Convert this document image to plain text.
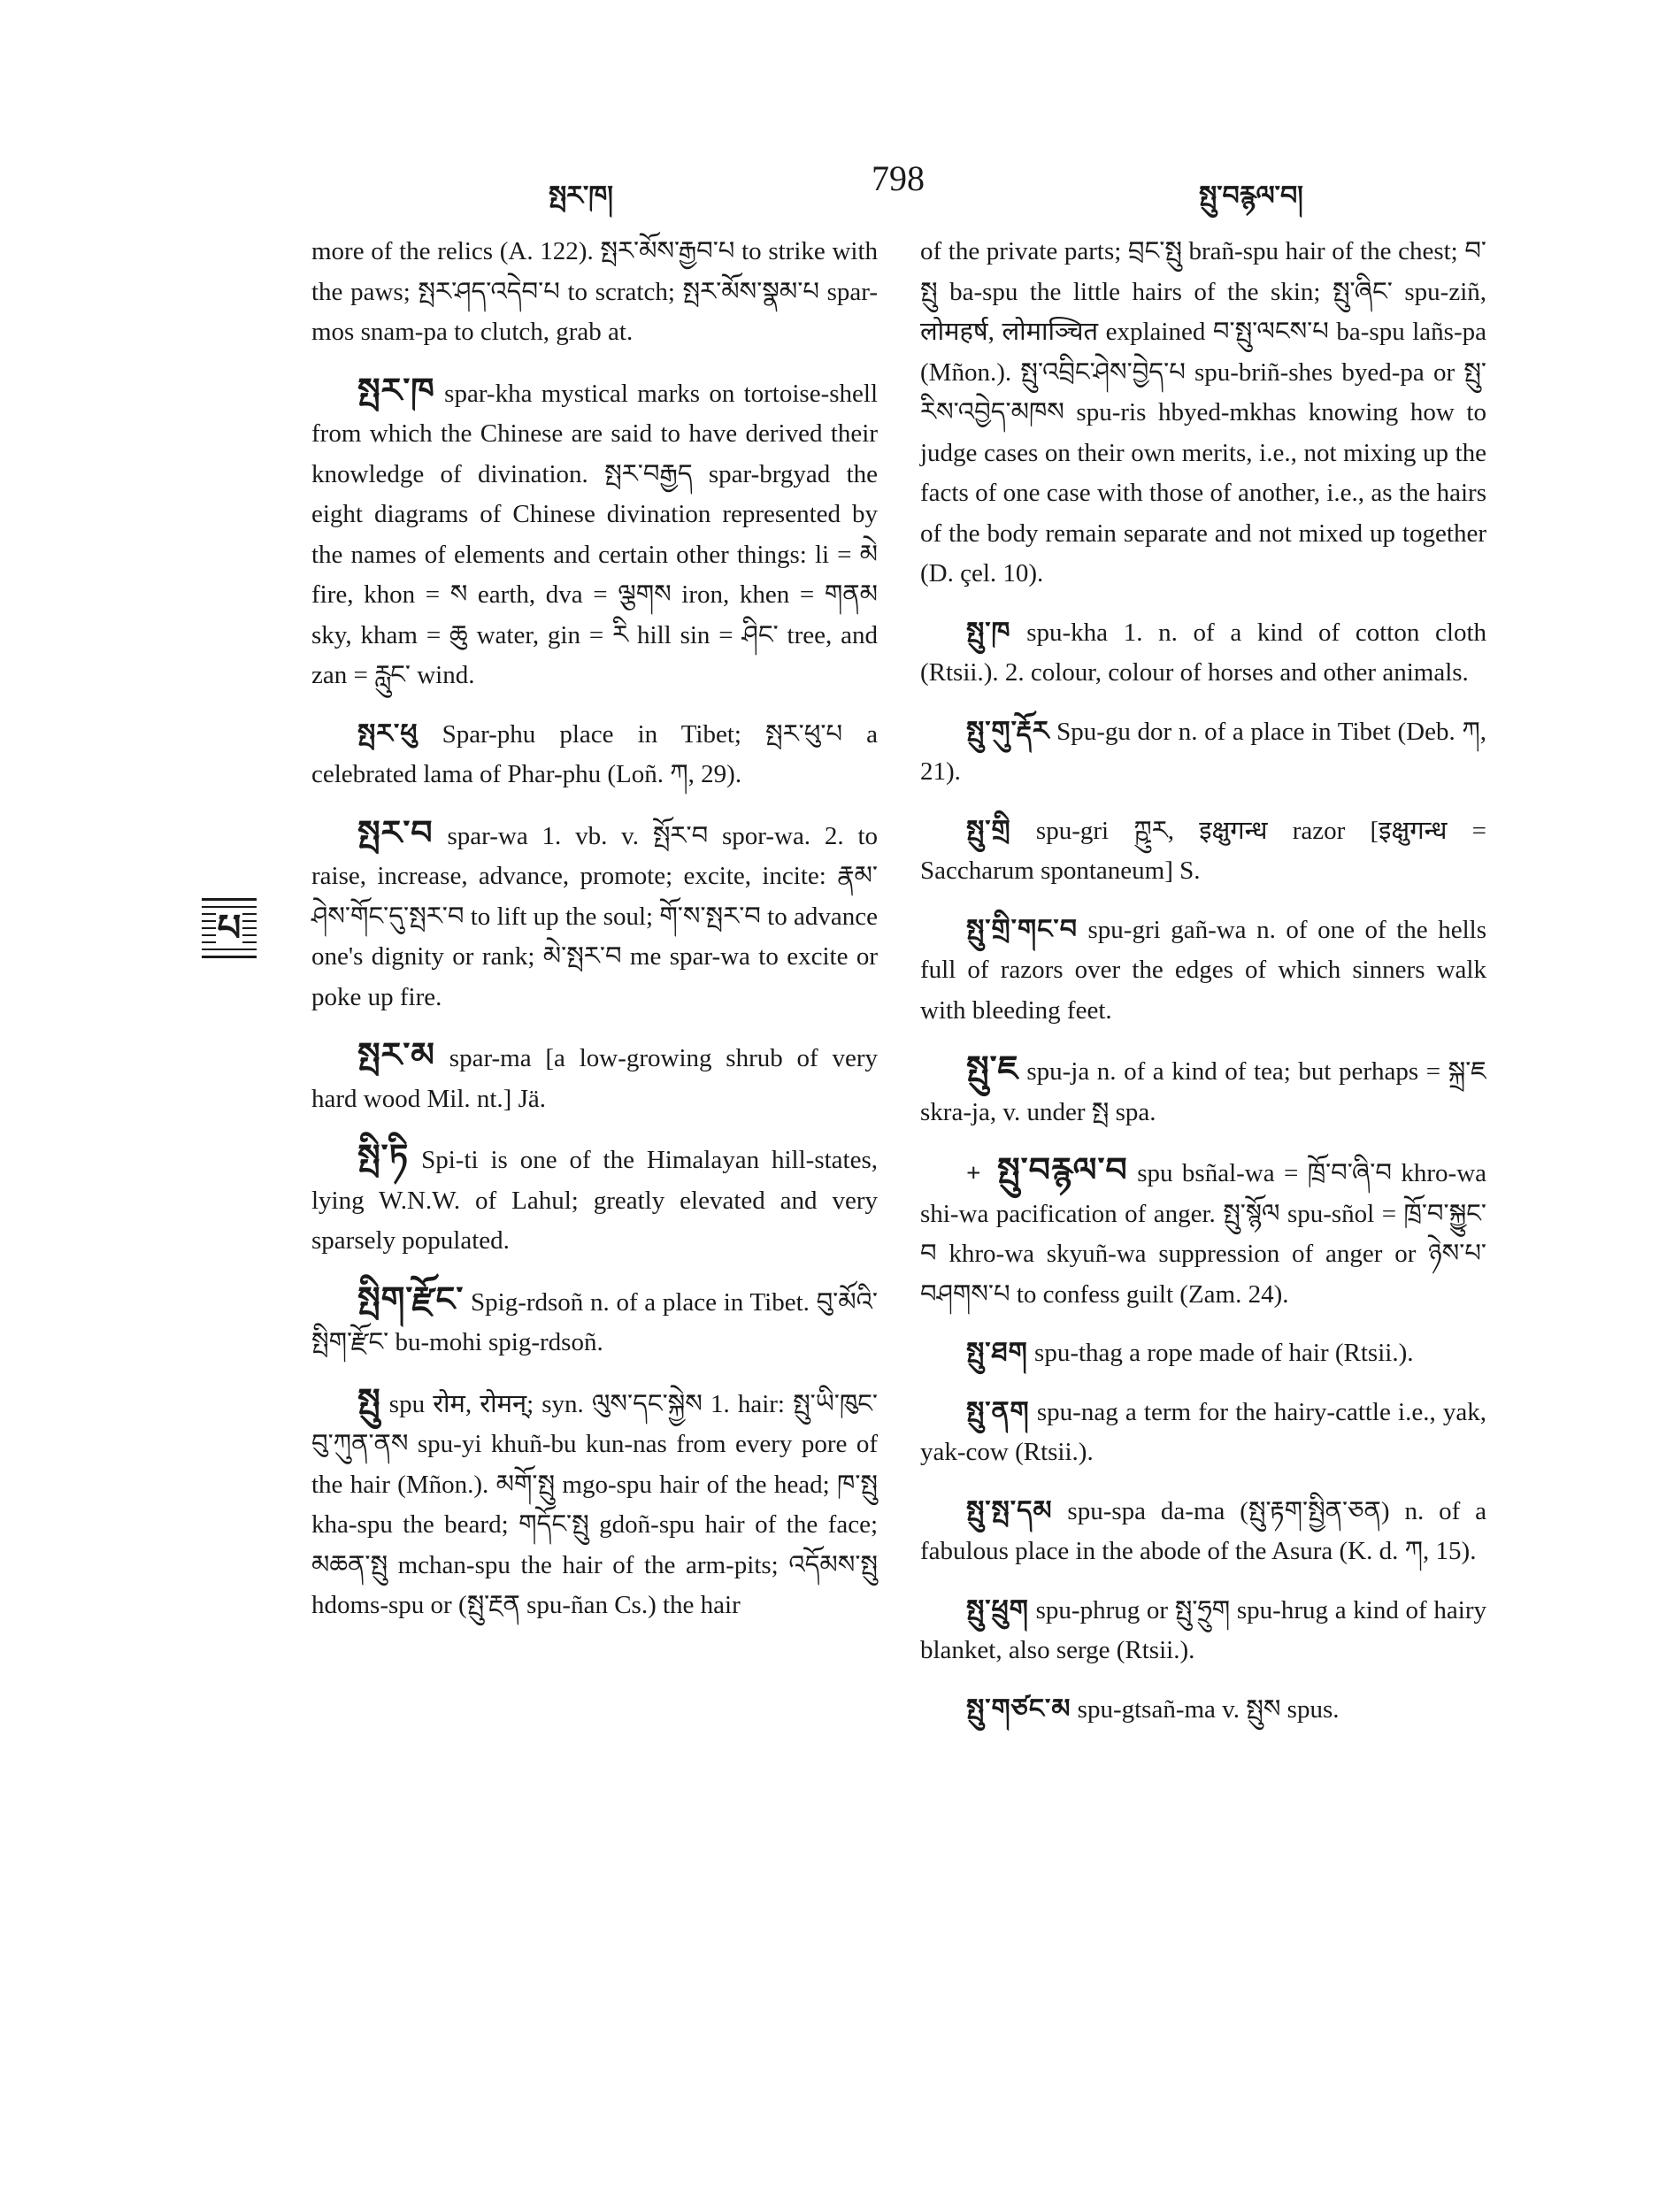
སྤར་ཁ།	798	སྤུ་བརྙལ་བ།
པ

more of the relics (A. 122). སྤར་མོས་རྒྱབ་པ to strike with the paws; སྤར་ཤད་འདེབ་པ to scratch; སྤར་མོས་སྣམ་པ spar-mos snam-pa to clutch, grab at.

སྤར་ཁ spar-kha mystical marks on tortoise-shell from which the Chinese are said to have derived their knowledge of divination. སྤར་བརྒྱད spar-brgyad the eight diagrams of Chinese divination represented by the names of elements and certain other things: li = མེ fire, khon = ས earth, dva = ལྕགས iron, khen = གནམ sky, kham = ཆུ water, gin = རི hill sin = ཤིང་ tree, and zan = རླུང་ wind.

སྤར་ཕུ Spar-phu place in Tibet; སྤར་ཕུ་པ a celebrated lama of Phar-phu (Loñ. ཀ, 29).

སྤར་བ spar-wa 1. vb. v. སྤོར་བ spor-wa. 2. to raise, increase, advance, promote; excite, incite: རྣམ་ཤེས་གོང་དུ་སྤར་བ to lift up the soul; གོ་ས་སྤར་བ to advance one's dignity or rank; མེ་སྤར་བ me spar-wa to excite or poke up fire.

སྤར་མ spar-ma [a low-growing shrub of very hard wood Mil. nt.] Jä.

སྤི་ཏི Spi-ti is one of the Himalayan hill-states, lying W.N.W. of Lahul; greatly elevated and very sparsely populated.

སྤིག་རྫོང་ Spig-rdsoñ n. of a place in Tibet. བུ་མོའི་སྤིག་རྫོང་ bu-mohi spig-rdsoñ.

སྤུ spu रोम, रोमन्; syn. ལུས་དང་སྐྱེས 1. hair: སྤུ་ཡི་ཁུང་བུ་ཀུན་ནས spu-yi khuñ-bu kun-nas from every pore of the hair (Mñon.). མགོ་སྤུ mgo-spu hair of the head; ཁ་སྤུ kha-spu the beard; གདོང་སྤུ gdoñ-spu hair of the face; མཆན་སྤུ mchan-spu the hair of the arm-pits; འདོམས་སྤུ hdoms-spu or (སྤུ་རྔན spu-ñan Cs.) the hair

of the private parts; བྲང་སྤུ brañ-spu hair of the chest; བ་སྤུ ba-spu the little hairs of the skin; སྤུ་ཞིང་ spu-ziñ, लोमहर्ष, लोमाञ्चित explained བ་སྤུ་ལངས་པ ba-spu lañs-pa (Mñon.). སྤུ་འབྲིང་ཤེས་བྱེད་པ spu-briñ-shes byed-pa or སྤུ་རིས་འབྱེད་མཁས spu-ris hbyed-mkhas knowing how to judge cases on their own merits, i.e., not mixing up the facts of one case with those of another, i.e., as the hairs of the body remain separate and not mixed up together (D. çel. 10).

སྤུ་ཁ spu-kha 1. n. of a kind of cotton cloth (Rtsii.). 2. colour, colour of horses and other animals.

སྤུ་གུ་རྡོར Spu-gu dor n. of a place in Tibet (Deb. ཀ, 21).

སྤུ་གྲི spu-gri ཀྵུར, इक्षुगन्ध razor [इक्षुगन्ध = Saccharum spontaneum] S.

སྤུ་གྲི་གང་བ spu-gri gañ-wa n. of one of the hells full of razors over the edges of which sinners walk with bleeding feet.

སྤུ་ཇ spu-ja n. of a kind of tea; but perhaps = སྐྲ་ཇ skra-ja, v. under སྤ spa.

+ སྤུ་བརྙལ་བ spu bsñal-wa = ཁྲོ་བ་ཞི་བ khro-wa shi-wa pacification of anger. སྤུ་སྙོལ spu-sñol = ཁྲོ་བ་སྐྱུང་བ khro-wa skyuñ-wa suppression of anger or ཉེས་པ་བཤགས་པ to confess guilt (Zam. 24).

སྤུ་ཐག spu-thag a rope made of hair (Rtsii.).

སྤུ་ནག spu-nag a term for the hairy-cattle i.e., yak, yak-cow (Rtsii.).

སྤུ་སྤ་དམ spu-spa da-ma (སྤུ་རྟག་སྤྱིན་ཅན) n. of a fabulous place in the abode of the Asura (K. d. ཀ, 15).

སྤུ་ཕྲུག spu-phrug or སྤུ་ཧྲུག spu-hrug a kind of hairy blanket, also serge (Rtsii.).

སྤུ་གཙང་མ spu-gtsañ-ma v. སྤུས spus.
